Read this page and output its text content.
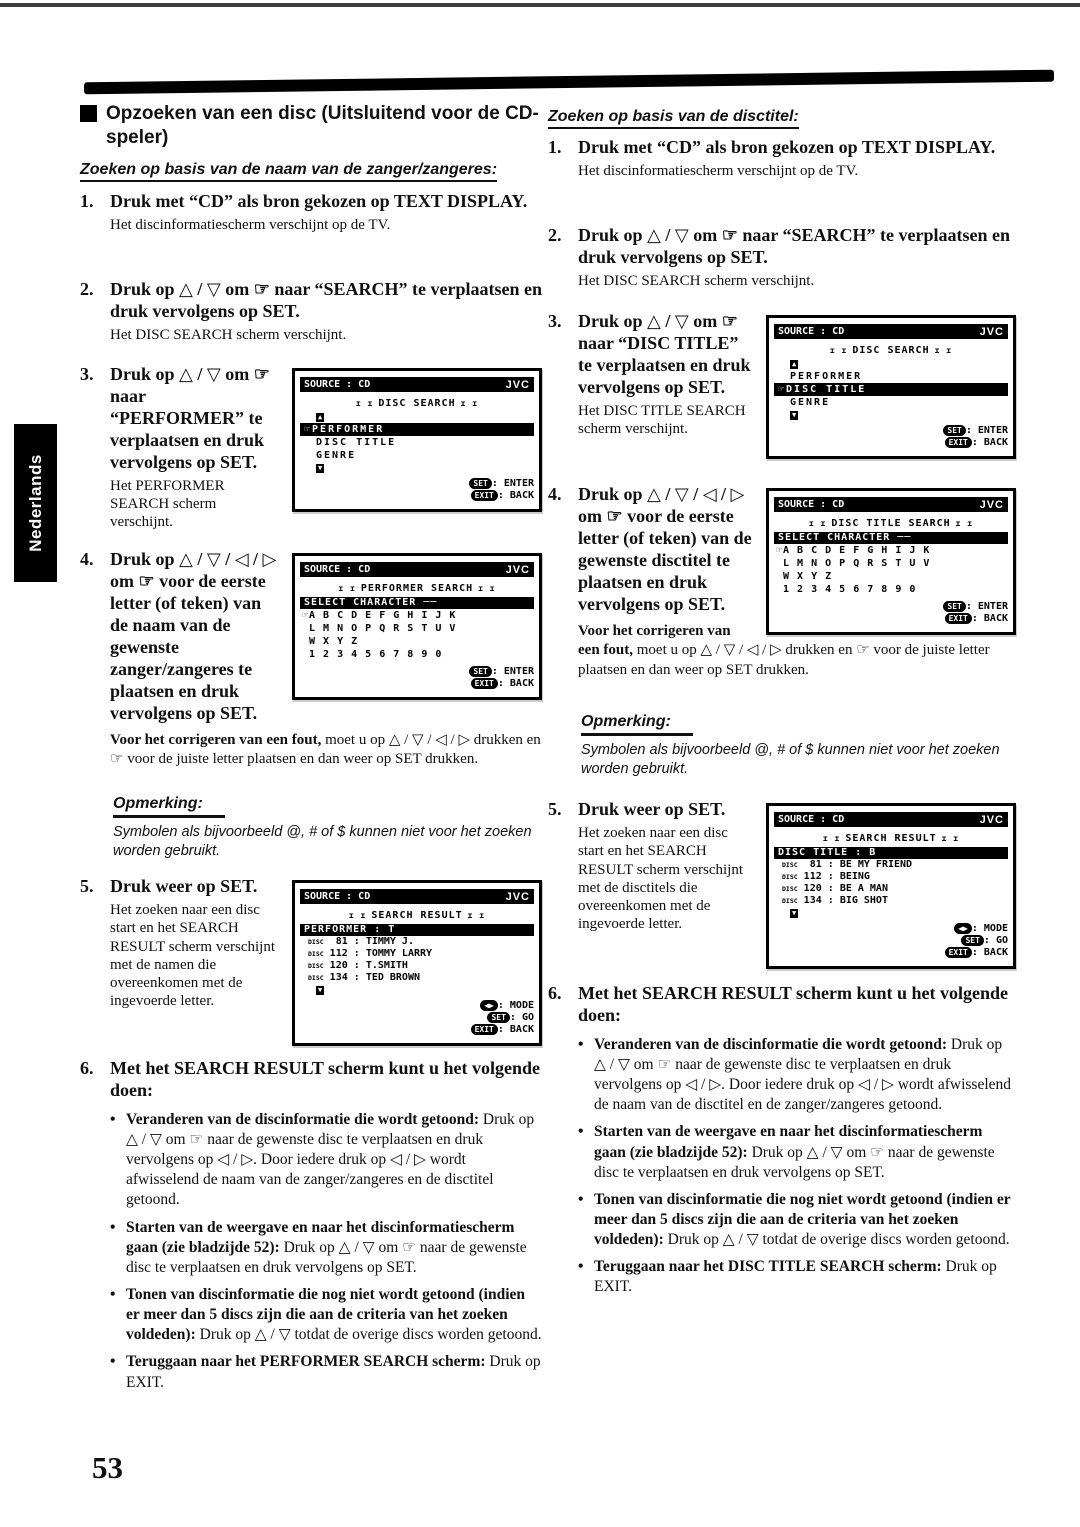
Nederlands
Opzoeken van een disc (Uitsluitend voor de CD-speler)
Zoeken op basis van de naam van de zanger/zangeres:
1. Druk met “CD” als bron gekozen op TEXT DISPLAY.
Het discinformatiescherm verschijnt op de TV.
2. Druk op △ / ▽ om ☞ naar “SEARCH” te verplaatsen en druk vervolgens op SET.
Het DISC SEARCH scherm verschijnt.
3.
SOURCE : CD	JVC
ɪ ɪ DISC SEARCH ɪ ɪ
▲
☞PERFORMER
DISC TITLE
GENRE
▼
SET : ENTER
EXIT : BACK
Druk op △ / ▽ om ☞ naar “PERFORMER” te verplaatsen en druk vervolgens op SET.
Het PERFORMER SEARCH scherm verschijnt.
4.
SOURCE : CD	JVC
ɪ ɪ PERFORMER SEARCH ɪ ɪ
SELECT CHARACTER ──
☞A B C D E F G H I J K
L M N O P Q R S T U V
W X Y Z
1 2 3 4 5 6 7 8 9 0
SET : ENTER
EXIT : BACK
Druk op △ / ▽ / ◁ / ▷ om ☞ voor de eerste letter (of teken) van de naam van de gewenste zanger/zangeres te plaatsen en druk vervolgens op SET.
Voor het corrigeren van een fout, moet u op △ / ▽ / ◁ / ▷ drukken en ☞ voor de juiste letter plaatsen en dan weer op SET drukken.
Opmerking:
Symbolen als bijvoorbeeld @, # of $ kunnen niet voor het zoeken worden gebruikt.
5.
SOURCE : CD	JVC
ɪ ɪ SEARCH RESULT ɪ ɪ
PERFORMER : T
DISC  81 : TIMMY J.
DISC 112 : TOMMY LARRY
DISC 120 : T.SMITH
DISC 134 : TED BROWN
▼
◀▶ : MODE
SET : GO
EXIT : BACK
Druk weer op SET.
Het zoeken naar een disc start en het SEARCH RESULT scherm verschijnt met de namen die overeenkomen met de ingevoerde letter.
6. Met het SEARCH RESULT scherm kunt u het volgende doen:
•
Veranderen van de discinformatie die wordt getoond: Druk op △ / ▽ om ☞ naar de gewenste disc te verplaatsen en druk vervolgens op ◁ / ▷. Door iedere druk op ◁ / ▷ wordt afwisselend de naam van de zanger/zangeres en de disctitel getoond.
•
Starten van de weergave en naar het discinformatiescherm gaan (zie bladzijde 52): Druk op △ / ▽ om ☞ naar de gewenste disc te verplaatsen en druk vervolgens op SET.
•
Tonen van discinformatie die nog niet wordt getoond (indien er meer dan 5 discs zijn die aan de criteria van het zoeken voldeden): Druk op △ / ▽ totdat de overige discs worden getoond.
•
Teruggaan naar het PERFORMER SEARCH scherm: Druk op EXIT.
Zoeken op basis van de disctitel:
1. Druk met “CD” als bron gekozen op TEXT DISPLAY.
Het discinformatiescherm verschijnt op de TV.
2. Druk op △ / ▽ om ☞ naar “SEARCH” te verplaatsen en druk vervolgens op SET.
Het DISC SEARCH scherm verschijnt.
3.
SOURCE : CD	JVC
ɪ ɪ DISC SEARCH ɪ ɪ
▲
PERFORMER
☞DISC TITLE
GENRE
▼
SET : ENTER
EXIT : BACK
Druk op △ / ▽ om ☞ naar “DISC TITLE” te verplaatsen en druk vervolgens op SET.
Het DISC TITLE SEARCH scherm verschijnt.
4.
SOURCE : CD	JVC
ɪ ɪ DISC TITLE SEARCH ɪ ɪ
SELECT CHARACTER ──
☞A B C D E F G H I J K
L M N O P Q R S T U V
W X Y Z
1 2 3 4 5 6 7 8 9 0
SET : ENTER
EXIT : BACK
Druk op △ / ▽ / ◁ / ▷ om ☞ voor de eerste letter (of teken) van de gewenste disctitel te plaatsen en druk vervolgens op SET.
Voor het corrigeren van een fout, moet u op △ / ▽ / ◁ / ▷ drukken en ☞ voor de juiste letter plaatsen en dan weer op SET drukken.
Opmerking:
Symbolen als bijvoorbeeld @, # of $ kunnen niet voor het zoeken worden gebruikt.
5.
SOURCE : CD	JVC
ɪ ɪ SEARCH RESULT ɪ ɪ
DISC TITLE : B
DISC  81 : BE MY FRIEND
DISC 112 : BEING
DISC 120 : BE A MAN
DISC 134 : BIG SHOT
▼
◀▶ : MODE
SET : GO
EXIT : BACK
Druk weer op SET.
Het zoeken naar een disc start en het SEARCH RESULT scherm verschijnt met de disctitels die overeenkomen met de ingevoerde letter.
6. Met het SEARCH RESULT scherm kunt u het volgende doen:
•
Veranderen van de discinformatie die wordt getoond: Druk op △ / ▽ om ☞ naar de gewenste disc te verplaatsen en druk vervolgens op ◁ / ▷. Door iedere druk op ◁ / ▷ wordt afwisselend de naam van de disctitel en de zanger/zangeres getoond.
•
Starten van de weergave en naar het discinformatiescherm gaan (zie bladzijde 52): Druk op △ / ▽ om ☞ naar de gewenste disc te verplaatsen en druk vervolgens op SET.
•
Tonen van discinformatie die nog niet wordt getoond (indien er meer dan 5 discs zijn die aan de criteria van het zoeken voldeden): Druk op △ / ▽ totdat de overige discs worden getoond.
•
Teruggaan naar het DISC TITLE SEARCH scherm: Druk op EXIT.
53
